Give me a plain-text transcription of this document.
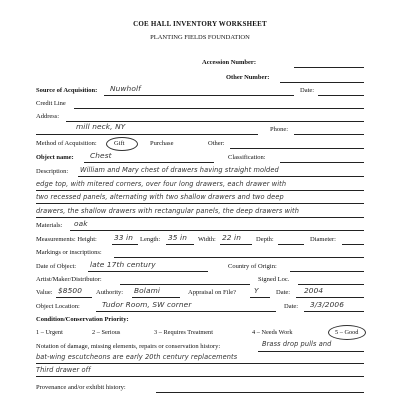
COE HALL INVENTORY WORKSHEET
PLANTING FIELDS FOUNDATION
Accession Number:
Other Number:
Source of Acquisition: Nuwholf	Date:
Credit Line
Address:
mill neck, NY	Phone:
Method of Acquisition:	Gift	Purchase	Other:
Object name: Chest	Classification:
Description: William and Mary chest of drawers having straight molded
edge top, with mitered corners, over four long drawers, each drawer with
two recessed panels, alternating with two shallow drawers and two deep
drawers, the shallow drawers with rectangular panels, the deep drawers with
Materials: oak
Measurements: Height: 33 in Length: 35 in Width: 22 in Depth:	Diameter:
Markings or inscriptions:
Date of Object: late 17th century	Country of Origin:
Artist/Maker/Distributor:	Signed Loc.
Value: $8500 Authority: Bolami	Appraisal on File? Y	Date: 2004
Object Location:	Tudor Room, SW corner	Date: 3/3/2006
Condition/Conservation Priority:
1 – Urgent	2 – Serious	3 – Requires Treatment	4 – Needs Work	5 – Good
Notation of damage, missing elements, repairs or conservation history:	Brass drop pulls and
bat-wing escutcheons are early 20th century replacements
Third drawer off
Provenance and/or exhibit history:
